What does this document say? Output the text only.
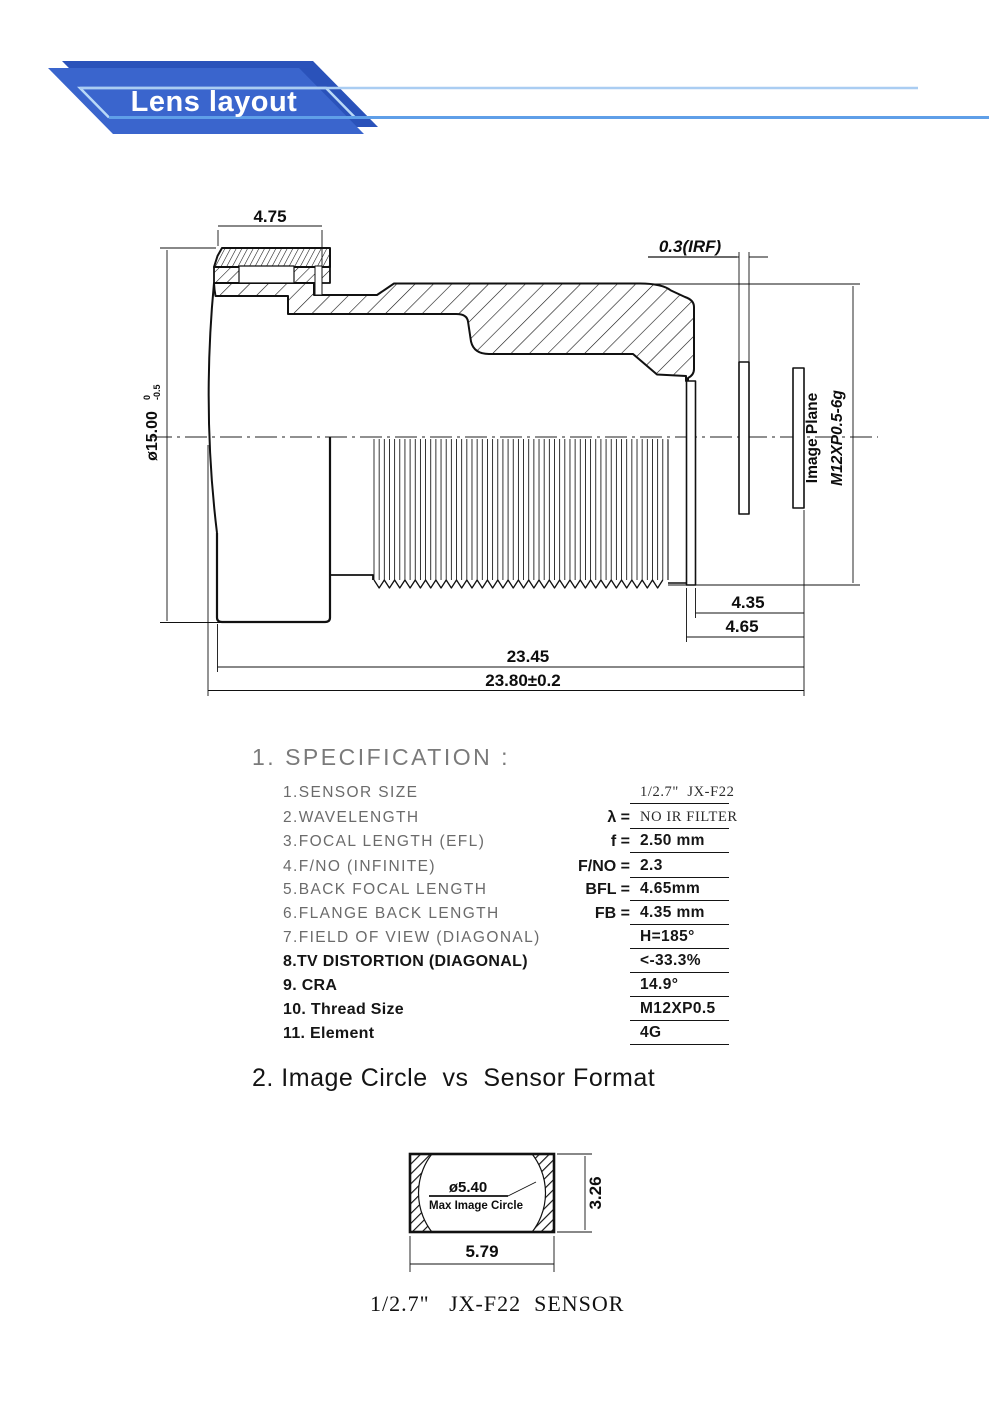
Lens layout
4.75
0.3(IRF)
ø15.00
0 -0.5
4.35
4.65
23.45
23.80±0.2
Image Plane M12XP0.5-6g
ø5.40
Max Image Circle
5.79
3.26
1. SPECIFICATION :
1.SENSOR SIZE	1/2.7"  JX-F22
2.WAVELENGTH	λ = NO IR FILTER
3.FOCAL LENGTH (EFL)	f = 2.50 mm
4.F/NO (INFINITE)	F/NO = 2.3
5.BACK FOCAL LENGTH	BFL = 4.65mm
6.FLANGE BACK LENGTH	FB = 4.35 mm
7.FIELD OF VIEW (DIAGONAL)	H=185°
8.TV DISTORTION (DIAGONAL)	<-33.3%
9. CRA	14.9°
10. Thread Size	M12XP0.5
11. Element	4G
2. Image Circle  vs  Sensor Format
1/2.7"   JX-F22  SENSOR
